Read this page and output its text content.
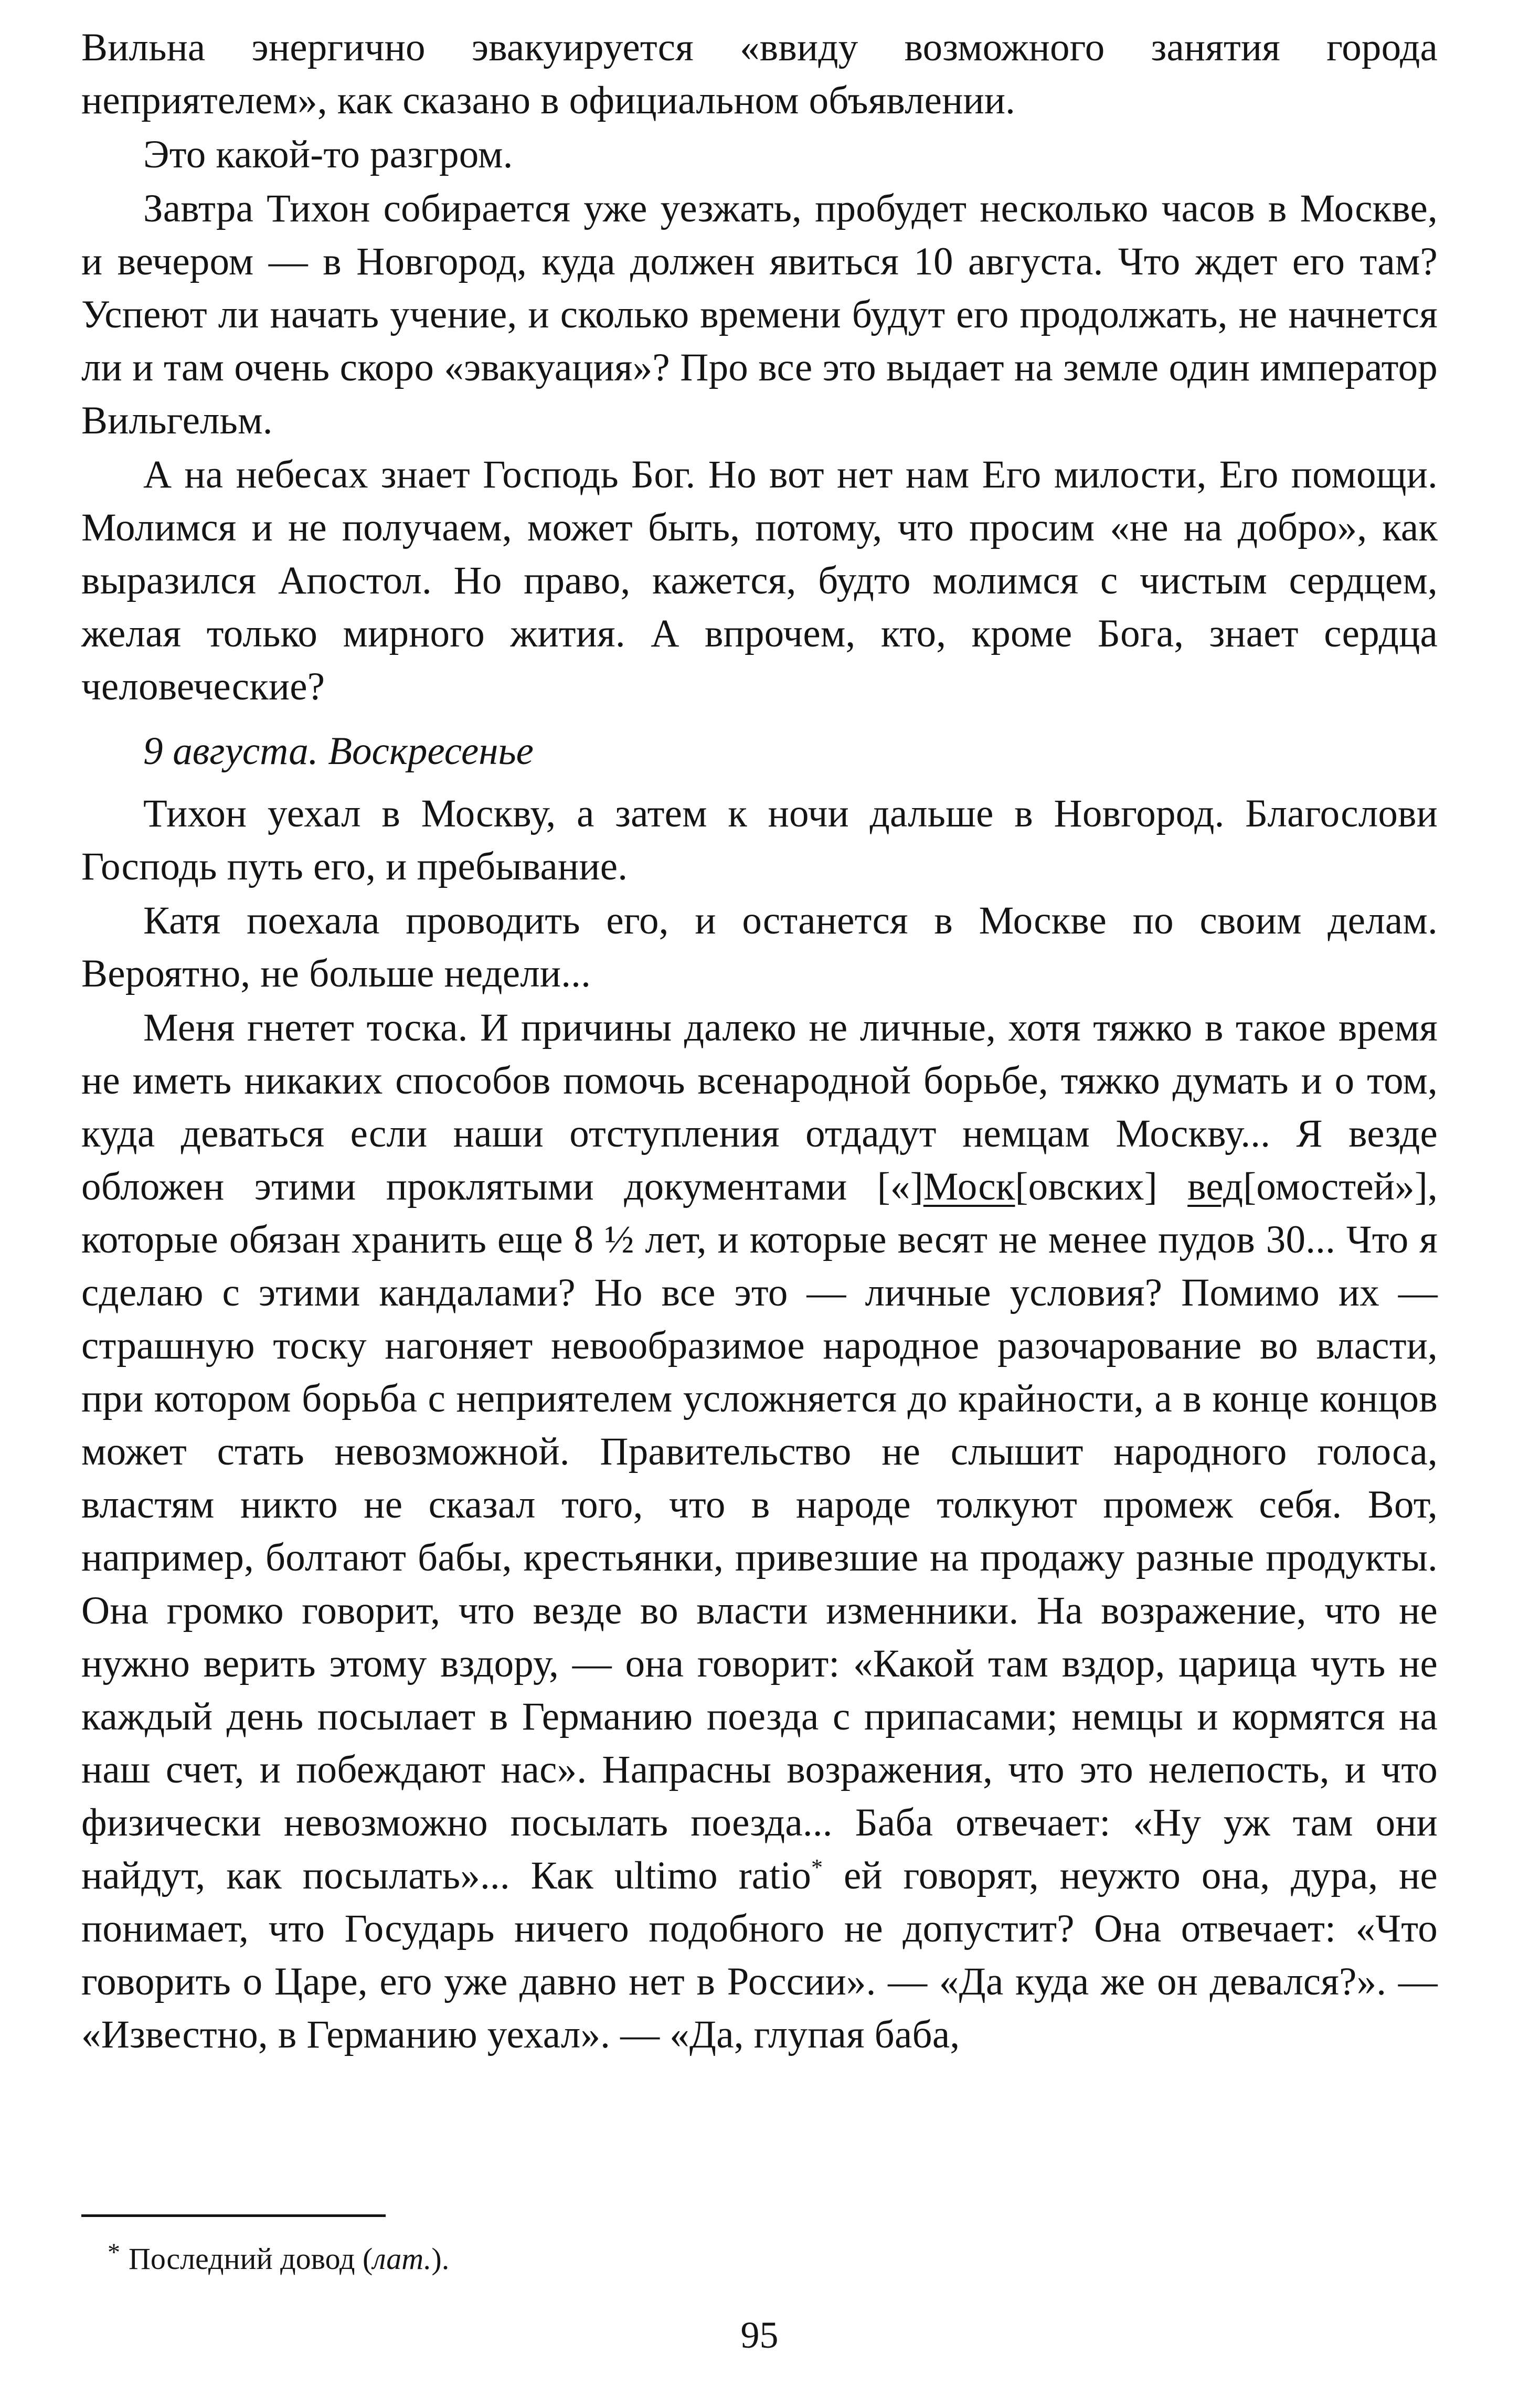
Вильна энергично эвакуируется «ввиду возможного занятия города неприятелем», как сказано в официальном объявлении.

Это какой-то разгром.

Завтра Тихон собирается уже уезжать, пробудет несколько часов в Москве, и вечером — в Новгород, куда должен явиться 10 августа. Что ждет его там? Успеют ли начать учение, и сколько времени будут его продолжать, не начнется ли и там очень скоро «эвакуация»? Про все это выдает на земле один император Вильгельм.

А на небесах знает Господь Бог. Но вот нет нам Его милости, Его помощи. Молимся и не получаем, может быть, потому, что просим «не на добро», как выразился Апостол. Но право, кажется, будто молимся с чистым сердцем, желая только мирного жития. А впрочем, кто, кроме Бога, знает сердца человеческие?

9 августа. Воскресенье

Тихон уехал в Москву, а затем к ночи дальше в Новгород. Благослови Господь путь его, и пребывание.

Катя поехала проводить его, и останется в Москве по своим делам. Вероятно, не больше недели...

Меня гнетет тоска. И причины далеко не личные, хотя тяжко в такое время не иметь никаких способов помочь всенародной борьбе, тяжко думать и о том, куда деваться если наши отступления отдадут немцам Москву... Я везде обложен этими проклятыми документами [«]Моск[овских] вед[омостей»], которые обязан хранить еще 8 ½ лет, и которые весят не менее пудов 30... Что я сделаю с этими кандалами? Но все это — личные условия? Помимо их — страшную тоску нагоняет невообразимое народное разочарование во власти, при котором борьба с неприятелем усложняется до крайности, а в конце концов может стать невозможной. Правительство не слышит народного голоса, властям никто не сказал того, что в народе толкуют промеж себя. Вот, например, болтают бабы, крестьянки, привезшие на продажу разные продукты. Она громко говорит, что везде во власти изменники. На возражение, что не нужно верить этому вздору, — она говорит: «Какой там вздор, царица чуть не каждый день посылает в Германию поезда с припасами; немцы и кормятся на наш счет, и побеждают нас». Напрасны возражения, что это нелепость, и что физически невозможно посылать поезда... Баба отвечает: «Ну уж там они найдут, как посылать»... Как ultimo ratio* ей говорят, неужто она, дура, не понимает, что Государь ничего подобного не допустит? Она отвечает: «Что говорить о Царе, его уже давно нет в России». — «Да куда же он девался?». — «Известно, в Германию уехал». — «Да, глупая баба,

* Последний довод (лат.).
95
